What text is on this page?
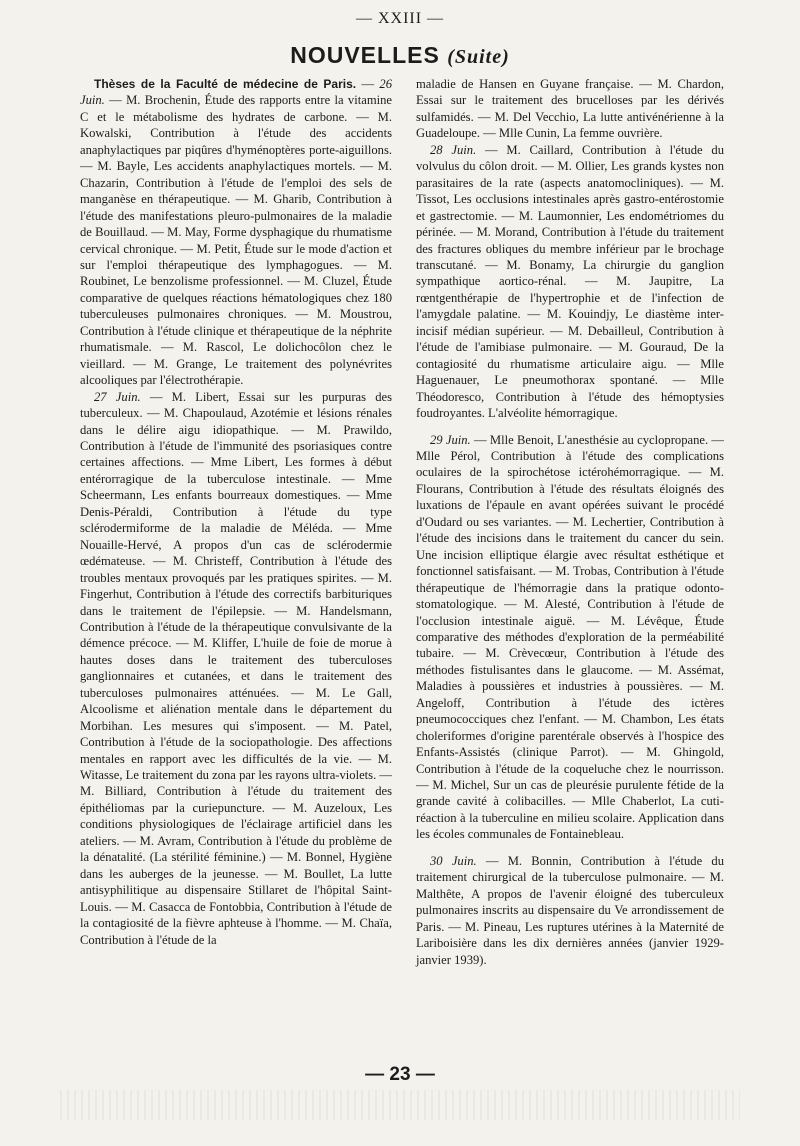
— XXIII —
NOUVELLES (Suite)

Thèses de la Faculté de médecine de Paris. — 26 Juin. — M. Brochenin, Étude des rapports entre la vitamine C et le métabolisme des hydrates de carbone. — M. Kowalski, Contribution à l'étude des accidents anaphylactiques par piqûres d'hyménoptères porte-aiguillons. — M. Bayle, Les accidents anaphylactiques mortels. — M. Chazarin, Contribution à l'étude de l'emploi des sels de manganèse en thérapeutique. — M. Gharib, Contribution à l'étude des manifestations pleuro-pulmonaires de la maladie de Bouillaud. — M. May, Forme dysphagique du rhumatisme cervical chronique. — M. Petit, Étude sur le mode d'action et sur l'emploi thérapeutique des lymphagogues. — M. Roubinet, Le benzolisme professionnel. — M. Cluzel, Étude comparative de quelques réactions hématologiques chez 180 tuberculeuses pulmonaires chroniques. — M. Moustrou, Contribution à l'étude clinique et thérapeutique de la néphrite rhumatismale. — M. Rascol, Le dolichocôlon chez le vieillard. — M. Grange, Le traitement des polynévrites alcooliques par l'électrothérapie.

27 Juin. — M. Libert, Essai sur les purpuras des tuberculeux. — M. Chapoulaud, Azotémie et lésions rénales dans le délire aigu idiopathique. — M. Prawildo, Contribution à l'étude de l'immunité des psoriasiques contre certaines affections. — Mme Libert, Les formes à début entérorragique de la tuberculose intestinale. — Mme Scheermann, Les enfants bourreaux domestiques. — Mme Denis-Péraldi, Contribution à l'étude du type sclérodermiforme de la maladie de Méléda. — Mme Nouaille-Hervé, A propos d'un cas de sclérodermie œdémateuse. — M. Christeff, Contribution à l'étude des troubles mentaux provoqués par les pratiques spirites. — M. Fingerhut, Contribution à l'étude des correctifs barbituriques dans le traitement de l'épilepsie. — M. Handelsmann, Contribution à l'étude de la thérapeutique convulsivante de la démence précoce. — M. Kliffer, L'huile de foie de morue à hautes doses dans le traitement des tuberculoses ganglionnaires et cutanées, et dans le traitement des tuberculoses pulmonaires atténuées. — M. Le Gall, Alcoolisme et aliénation mentale dans le département du Morbihan. Les mesures qui s'imposent. — M. Patel, Contribution à l'étude de la sociopathologie. Des affections mentales en rapport avec les difficultés de la vie. — M. Witasse, Le traitement du zona par les rayons ultra-violets. — M. Billiard, Contribution à l'étude du traitement des épithéliomas par la curiepuncture. — M. Auzeloux, Les conditions physiologiques de l'éclairage artificiel dans les ateliers. — M. Avram, Contribution à l'étude du problème de la dénatalité. (La stérilité féminine.) — M. Bonnel, Hygiène dans les auberges de la jeunesse. — M. Boullet, La lutte antisyphilitique au dispensaire Stillaret de l'hôpital Saint-Louis. — M. Casacca de Fontobbia, Contribution à l'étude de la contagiosité de la fièvre aphteuse à l'homme. — M. Chaïa, Contribution à l'étude de la

maladie de Hansen en Guyane française. — M. Chardon, Essai sur le traitement des brucelloses par les dérivés sulfamidés. — M. Del Vecchio, La lutte antivénérienne à la Guadeloupe. — Mlle Cunin, La femme ouvrière.

28 Juin. — M. Caillard, Contribution à l'étude du volvulus du côlon droit. — M. Ollier, Les grands kystes non parasitaires de la rate (aspects anatomocliniques). — M. Tissot, Les occlusions intestinales après gastro-entérostomie et gastrectomie. — M. Laumonnier, Les endométriomes du périnée. — M. Morand, Contribution à l'étude du traitement des fractures obliques du membre inférieur par le brochage transcutané. — M. Bonamy, La chirurgie du ganglion sympathique aortico-rénal. — M. Jaupitre, La rœntgenthérapie de l'hypertrophie et de l'infection de l'amygdale palatine. — M. Kouindjy, Le diastème inter-incisif médian supérieur. — M. Debailleul, Contribution à l'étude de l'amibiase pulmonaire. — M. Gouraud, De la contagiosité du rhumatisme articulaire aigu. — Mlle Haguenauer, Le pneumothorax spontané. — Mlle Théodoresco, Contribution à l'étude des hémoptysies foudroyantes. L'alvéolite hémorragique.

29 Juin. — Mlle Benoit, L'anesthésie au cyclopropane. — Mlle Pérol, Contribution à l'étude des complications oculaires de la spirochétose ictérohémorragique. — M. Flourans, Contribution à l'étude des résultats éloignés des luxations de l'épaule en avant opérées suivant le procédé d'Oudard ou ses variantes. — M. Lechertier, Contribution à l'étude des incisions dans le traitement du cancer du sein. Une incision elliptique élargie avec résultat esthétique et fonctionnel satisfaisant. — M. Trobas, Contribution à l'étude thérapeutique de l'hémorragie dans la pratique odonto-stomatologique. — M. Alesté, Contribution à l'étude de l'occlusion intestinale aiguë. — M. Lévêque, Étude comparative des méthodes d'exploration de la perméabilité tubaire. — M. Crèvecœur, Contribution à l'étude des méthodes fistulisantes dans le glaucome. — M. Assémat, Maladies à poussières et industries à poussières. — M. Angeloff, Contribution à l'étude des ictères pneumococciques chez l'enfant. — M. Chambon, Les états choleriformes d'origine parentérale observés à l'hospice des Enfants-Assistés (clinique Parrot). — M. Ghingold, Contribution à l'étude de la coqueluche chez le nourrisson. — M. Michel, Sur un cas de pleurésie purulente fétide de la grande cavité à colibacilles. — Mlle Chaberlot, La cuti-réaction à la tuberculine en milieu scolaire. Application dans les écoles communales de Fontainebleau.

30 Juin. — M. Bonnin, Contribution à l'étude du traitement chirurgical de la tuberculose pulmonaire. — M. Malthête, A propos de l'avenir éloigné des tuberculeux pulmonaires inscrits au dispensaire du Ve arrondissement de Paris. — M. Pineau, Les ruptures utérines à la Maternité de Lariboisière dans les dix dernières années (janvier 1929-janvier 1939).

— 23 —
